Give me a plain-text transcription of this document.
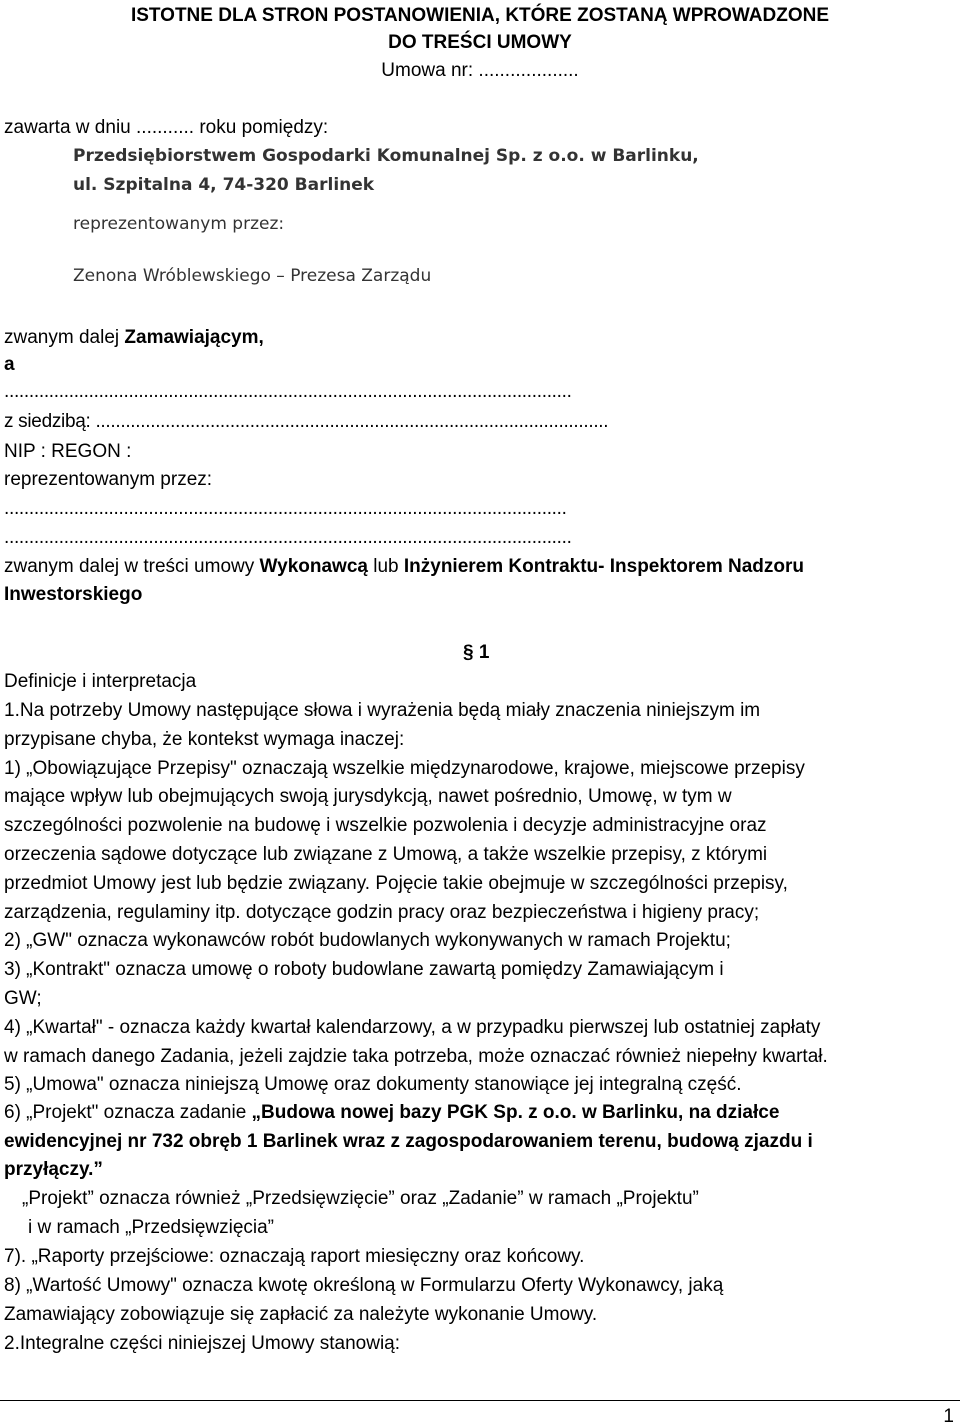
ISTOTNE DLA STRON POSTANOWIENIA, KTÓRE ZOSTANĄ WPROWADZONE
DO TREŚCI UMOWY
Umowa nr: ...................
zawarta w dniu ........... roku pomiędzy:
Przedsiębiorstwem Gospodarki Komunalnej Sp. z o.o. w Barlinku,
ul. Szpitalna 4, 74-320 Barlinek
reprezentowanym przez:
Zenona Wróblewskiego – Prezesa Zarządu
zwanym dalej Zamawiającym,
a
..................................................................................................................
z siedzibą: .......................................................................................................
NIP : REGON :
reprezentowanym przez:
.................................................................................................................
..................................................................................................................
zwanym dalej w treści umowy Wykonawcą lub Inżynierem Kontraktu- Inspektorem Nadzoru
Inwestorskiego
§ 1
Definicje i interpretacja
1.Na potrzeby Umowy następujące słowa i wyrażenia będą miały znaczenia niniejszym im
przypisane chyba, że kontekst wymaga inaczej:
1) „Obowiązujące Przepisy" oznaczają wszelkie międzynarodowe, krajowe, miejscowe przepisy
mające wpływ lub obejmujących swoją jurysdykcją, nawet pośrednio, Umowę, w tym w
szczególności pozwolenie na budowę i wszelkie pozwolenia i decyzje administracyjne oraz
orzeczenia sądowe dotyczące lub związane z Umową, a także wszelkie przepisy, z którymi
przedmiot Umowy jest lub będzie związany. Pojęcie takie obejmuje w szczególności przepisy,
zarządzenia, regulaminy itp. dotyczące godzin pracy oraz bezpieczeństwa i higieny pracy;
2) „GW" oznacza wykonawców robót budowlanych wykonywanych w ramach Projektu;
3) „Kontrakt" oznacza umowę o roboty budowlane zawartą pomiędzy Zamawiającym i
GW;
4) „Kwartał" - oznacza każdy kwartał kalendarzowy, a w przypadku pierwszej lub ostatniej zapłaty
w ramach danego Zadania, jeżeli zajdzie taka potrzeba, może oznaczać również niepełny kwartał.
5) „Umowa" oznacza niniejszą Umowę oraz dokumenty stanowiące jej integralną część.
6) „Projekt" oznacza zadanie „Budowa nowej bazy PGK Sp. z o.o. w Barlinku, na działce
ewidencyjnej nr 732 obręb 1 Barlinek wraz z zagospodarowaniem terenu, budową zjazdu i
przyłączy.”
„Projekt” oznacza również „Przedsięwzięcie” oraz „Zadanie” w ramach „Projektu”
i w ramach „Przedsięwzięcia”
7). „Raporty przejściowe: oznaczają raport miesięczny oraz końcowy.
8) „Wartość Umowy" oznacza kwotę określoną w Formularzu Oferty Wykonawcy, jaką
Zamawiający zobowiązuje się zapłacić za należyte wykonanie Umowy.
2.Integralne części niniejszej Umowy stanowią:
1
